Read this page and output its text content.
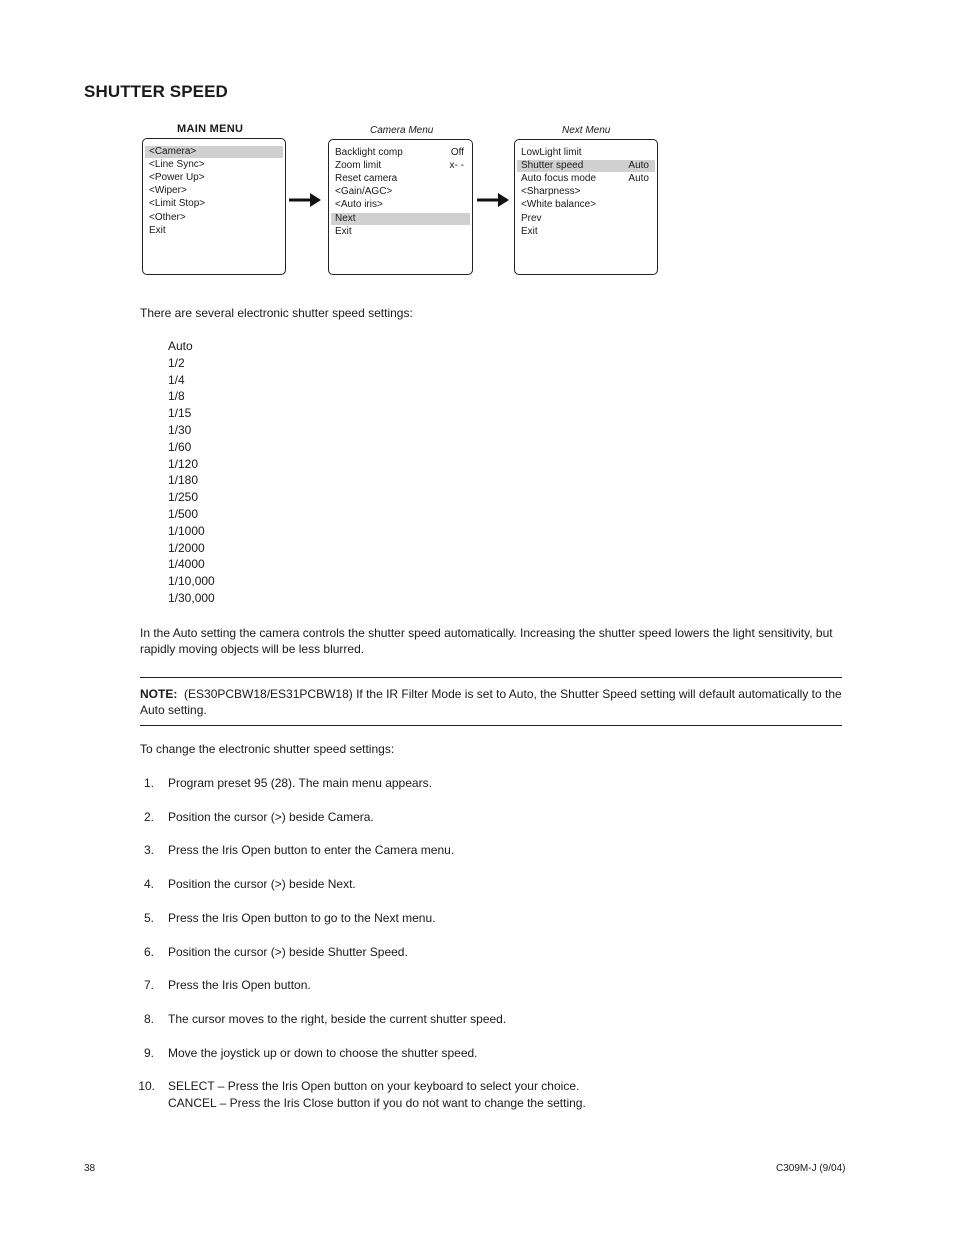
SHUTTER SPEED
MAIN MENU
<Camera>
<Line Sync>
<Power Up>
<Wiper>
<Limit Stop>
<Other>
Exit
Camera Menu
Backlight comp	Off
Zoom limit	x- -
Reset camera
<Gain/AGC>
<Auto iris>
Next
Exit
Next Menu
LowLight limit
Shutter speed	Auto
Auto focus mode	Auto
<Sharpness>
<White balance>
Prev
Exit
There are several electronic shutter speed settings:
Auto
1/2
1/4
1/8
1/15
1/30
1/60
1/120
1/180
1/250
1/500
1/1000
1/2000
1/4000
1/10,000
1/30,000
In the Auto setting the camera controls the shutter speed automatically. Increasing the shutter speed lowers the light sensitivity, but
rapidly moving objects will be less blurred.
NOTE: (ES30PCBW18/ES31PCBW18) If the IR Filter Mode is set to Auto, the Shutter Speed setting will default automatically to the
Auto setting.
To change the electronic shutter speed settings:
1. Program preset 95 (28). The main menu appears.
2. Position the cursor (>) beside Camera.
3. Press the Iris Open button to enter the Camera menu.
4. Position the cursor (>) beside Next.
5. Press the Iris Open button to go to the Next menu.
6. Position the cursor (>) beside Shutter Speed.
7. Press the Iris Open button.
8. The cursor moves to the right, beside the current shutter speed.
9. Move the joystick up or down to choose the shutter speed.
10. SELECT – Press the Iris Open button on your keyboard to select your choice.
CANCEL – Press the Iris Close button if you do not want to change the setting.
38	C309M-J (9/04)
